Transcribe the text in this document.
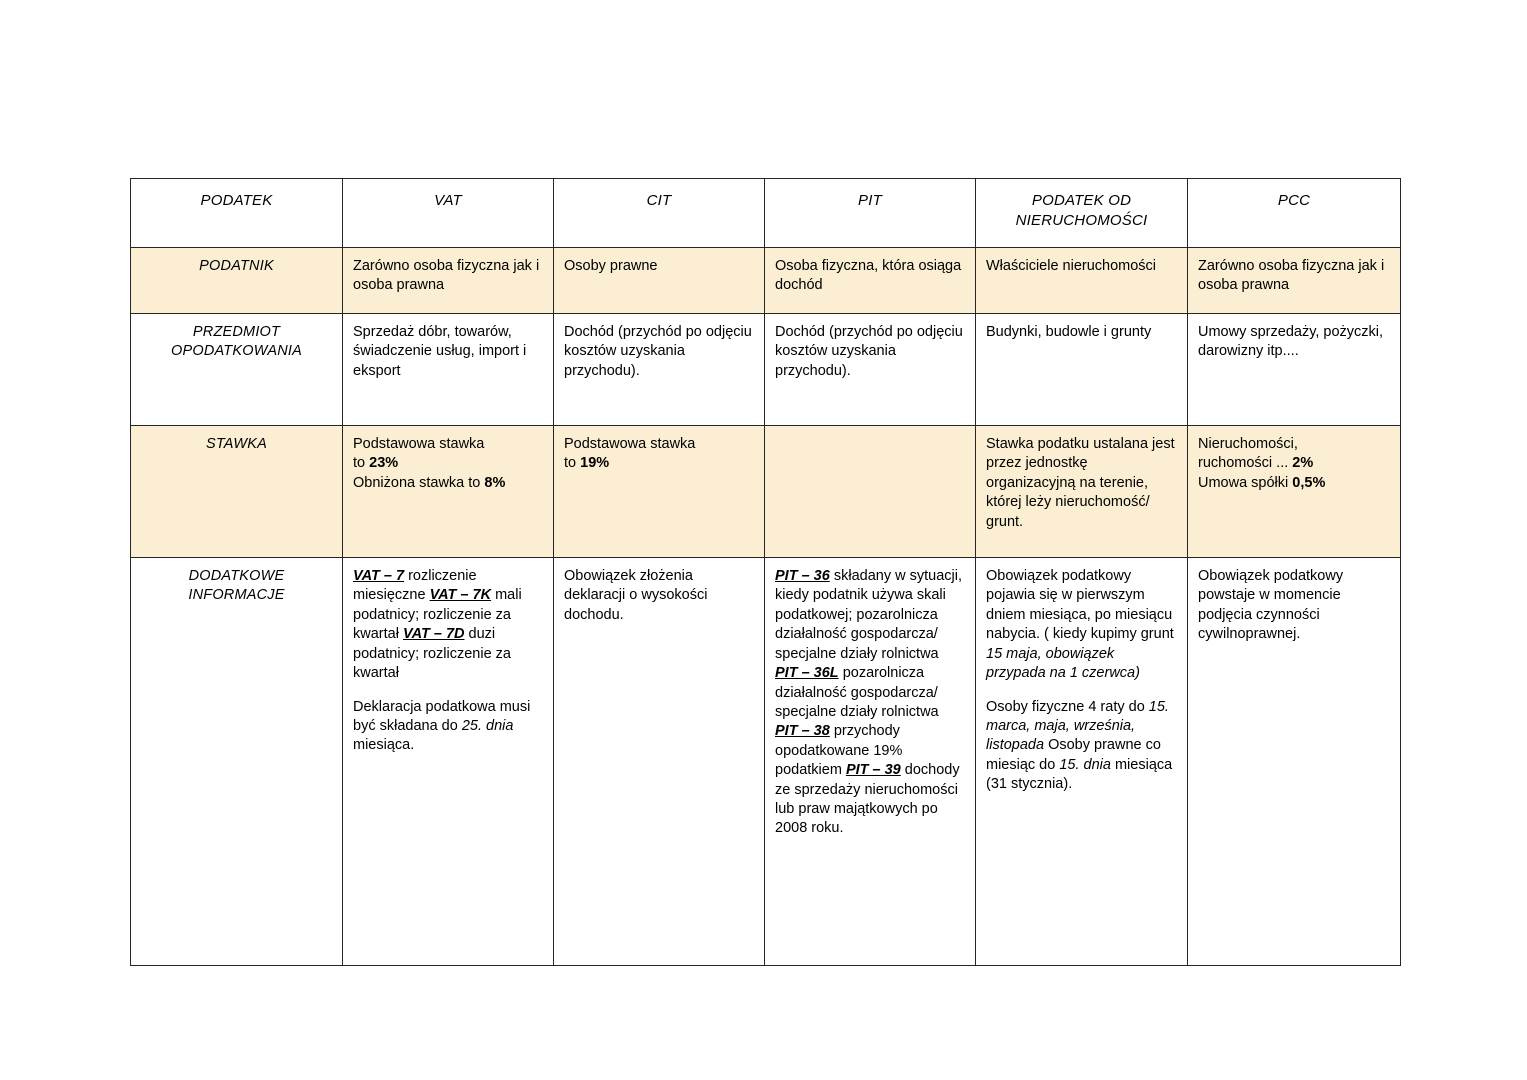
PODATEK	VAT	CIT	PIT	PODATEK OD NIERUCHOMOŚCI	PCC
PODATNIK	Zarówno osoba fizyczna jak i osoba prawna	Osoby prawne	Osoba fizyczna, która osiąga dochód	Właściciele nieruchomości	Zarówno osoba fizyczna jak i osoba prawna
PRZEDMIOT OPODATKOWANIA	Sprzedaż dóbr, towarów, świadczenie usług, import i eksport	Dochód (przychód po odjęciu kosztów uzyskania przychodu).	Dochód (przychód po odjęciu kosztów uzyskania przychodu).	Budynki, budowle i grunty	Umowy sprzedaży, pożyczki, darowizny itp....
STAWKA	Podstawowa stawka
to 23%
Obniżona stawka to 8%	Podstawowa stawka
to 19%		Stawka podatku ustalana jest przez jednostkę organizacyjną na terenie, której leży nieruchomość/ grunt.	Nieruchomości,
ruchomości ... 2%
Umowa spółki 0,5%

DODATKOWE INFORMACJE	VAT – 7 rozliczenie miesięczne VAT – 7K mali podatnicy; rozliczenie za kwartał VAT – 7D duzi podatnicy; rozliczenie za kwartał
Deklaracja podatkowa musi być składana do 25. dnia miesiąca.	Obowiązek złożenia deklaracji o wysokości dochodu.	PIT – 36 składany w sytuacji, kiedy podatnik używa skali podatkowej; pozarolnicza działalność gospodarcza/ specjalne działy rolnictwa PIT – 36L pozarolnicza działalność gospodarcza/ specjalne działy rolnictwa PIT – 38 przychody opodatkowane 19% podatkiem PIT – 39 dochody ze sprzedaży nieruchomości lub praw majątkowych po 2008 roku.	Obowiązek podatkowy pojawia się w pierwszym dniem miesiąca, po miesiącu nabycia. ( kiedy kupimy grunt 15 maja, obowiązek przypada na 1 czerwca)
Osoby fizyczne 4 raty do 15. marca, maja, września, listopada Osoby prawne co miesiąc do 15. dnia miesiąca (31 stycznia).	Obowiązek podatkowy powstaje w momencie podjęcia czynności cywilnoprawnej.
